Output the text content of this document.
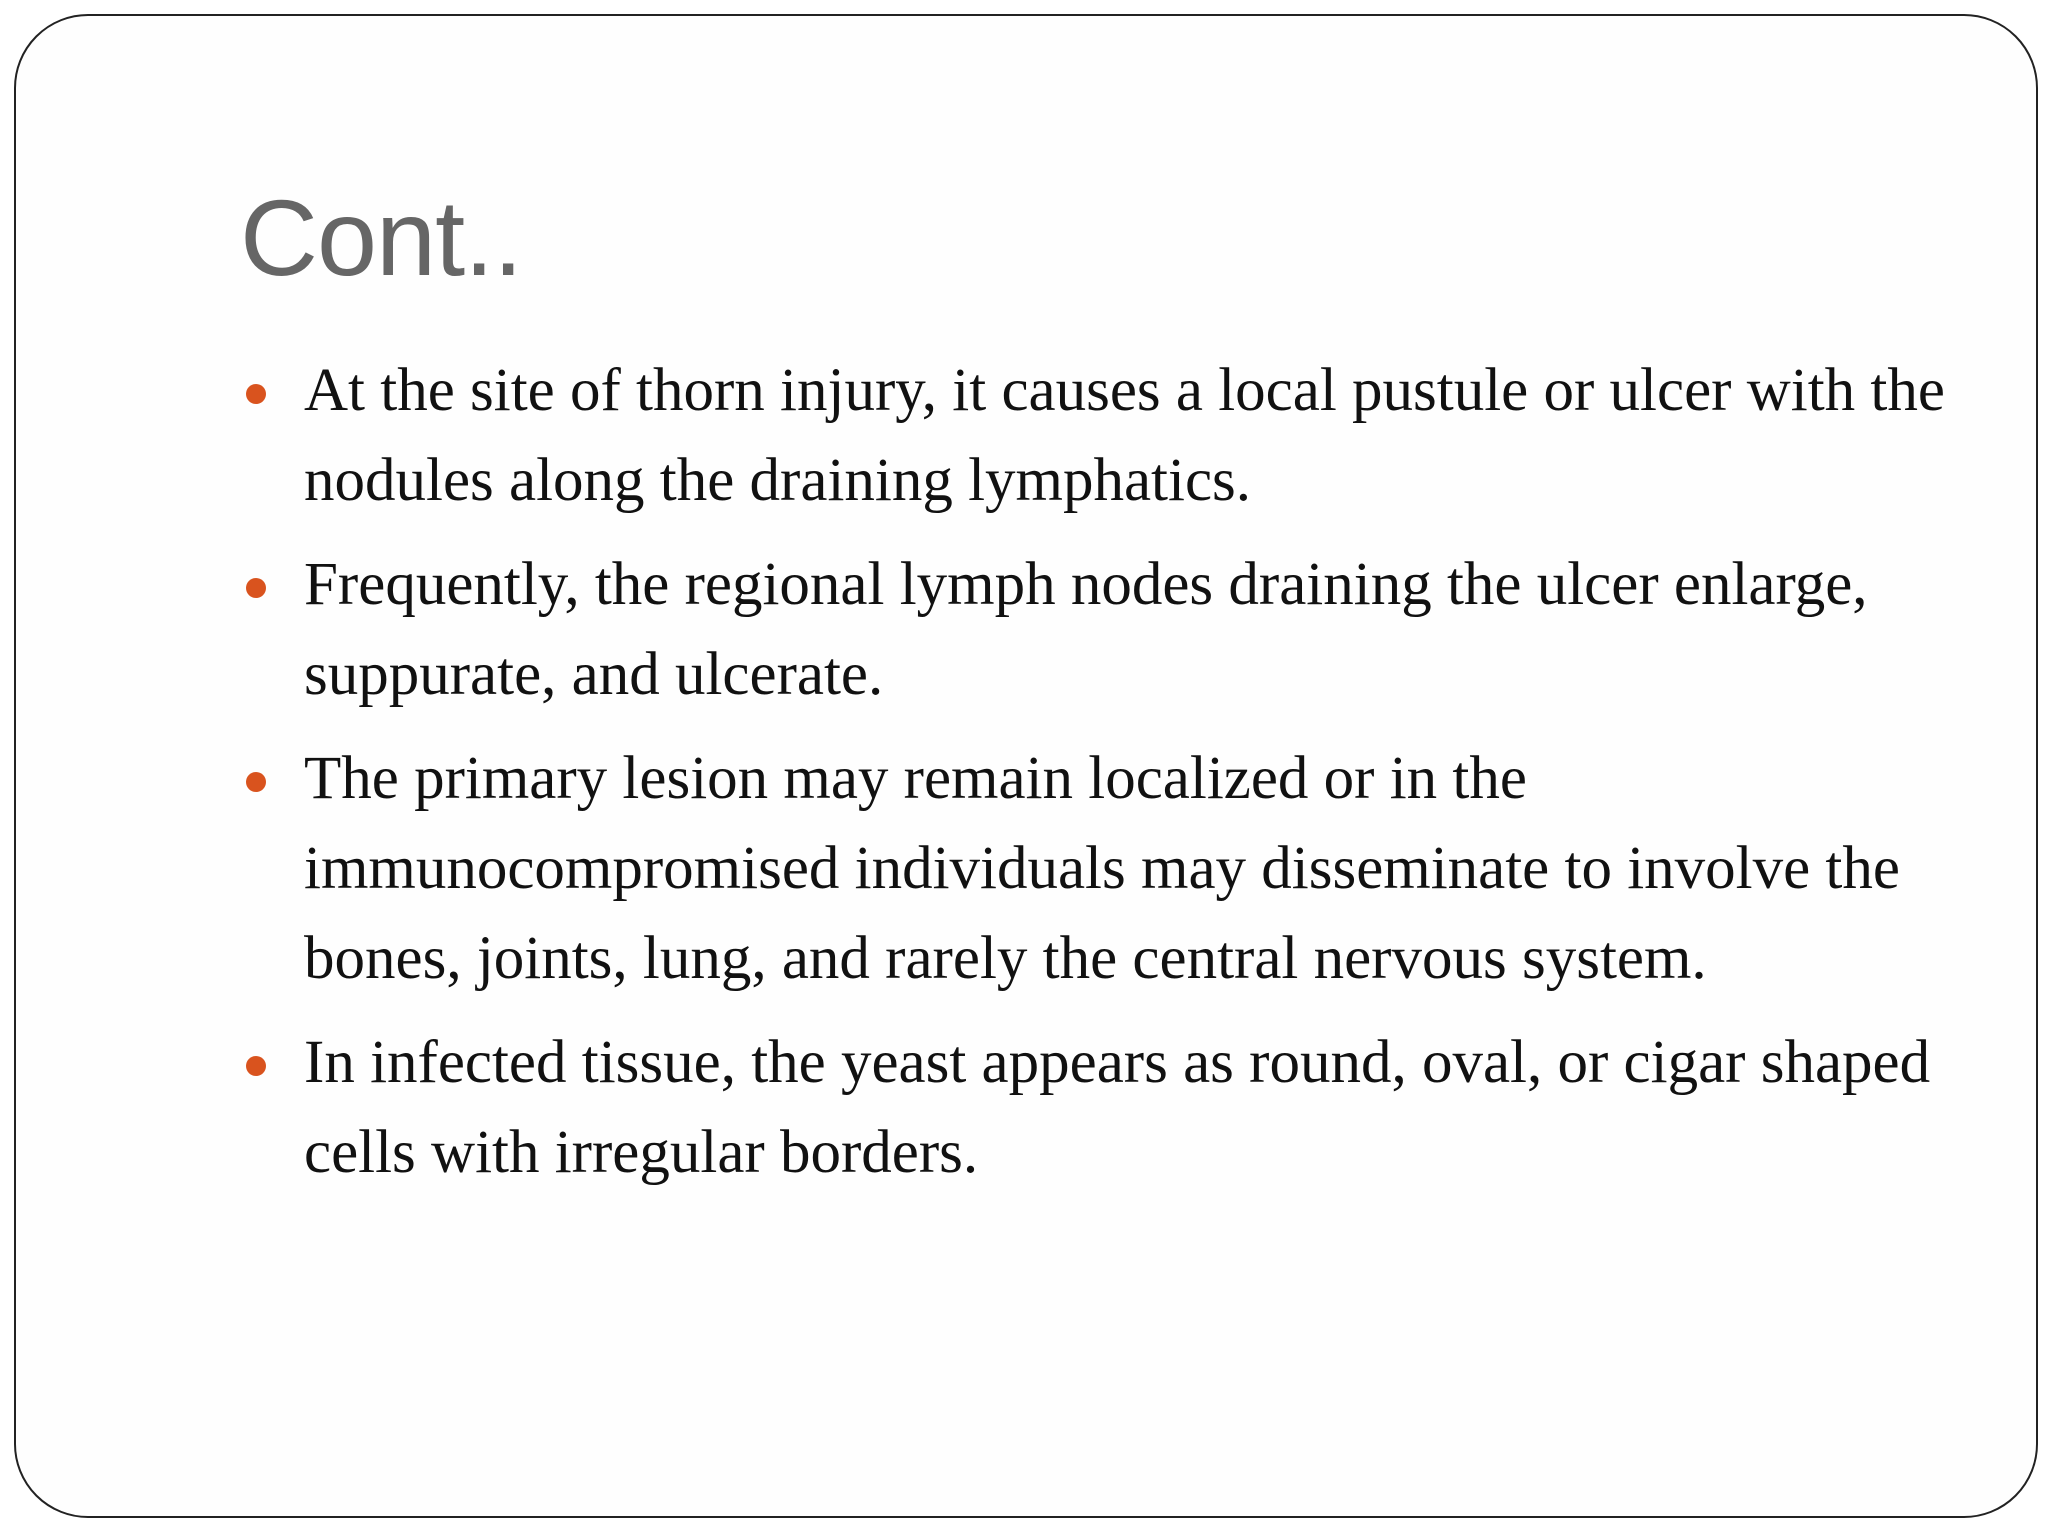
Cont..
At the site of thorn injury, it causes a local pustule or ulcer with the nodules along the draining lymphatics.
Frequently, the regional lymph nodes draining the ulcer enlarge, suppurate, and ulcerate.
The primary lesion may remain localized or in the immunocompromised individuals may disseminate to involve the bones, joints, lung, and rarely the central nervous system.
In infected tissue, the yeast appears as round, oval, or cigar shaped cells with irregular borders.
